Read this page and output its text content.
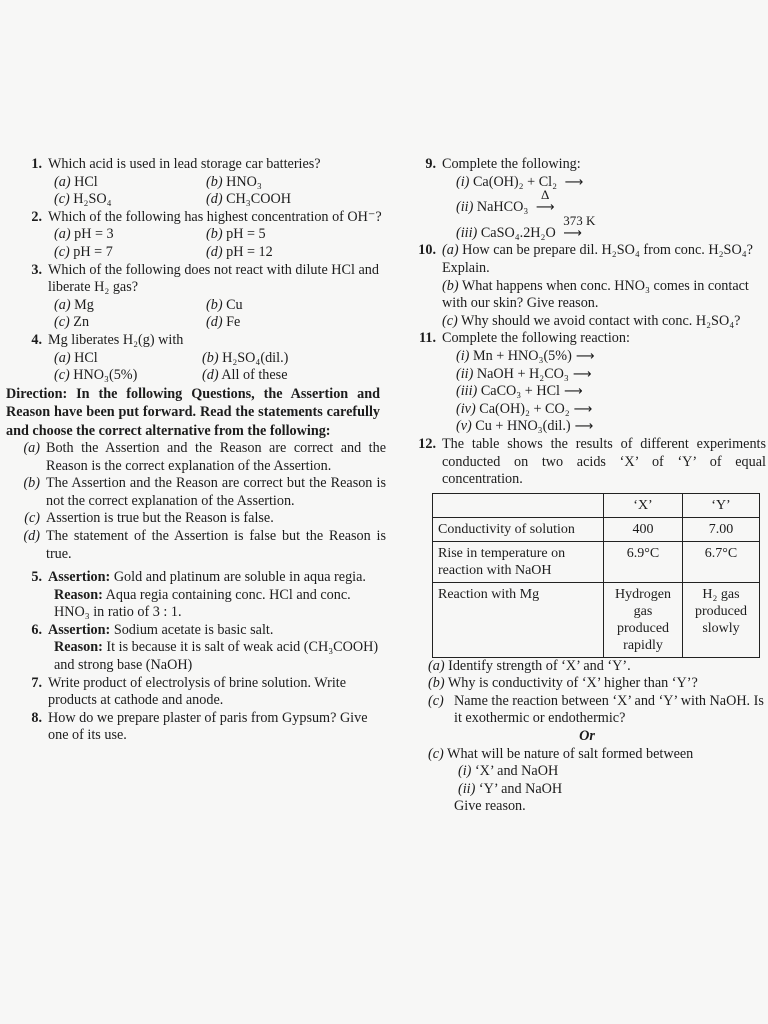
1. Which acid is used in lead storage car batteries?
(a) HCl	(b) HNO₃
(c) H₂SO₄	(d) CH₃COOH
2. Which of the following has highest concentration of OH⁻?
(a) pH = 3	(b) pH = 5
(c) pH = 7	(d) pH = 12
3. Which of the following does not react with dilute HCl and liberate H₂ gas?
(a) Mg	(b) Cu
(c) Zn	(d) Fe
4. Mg liberates H₂(g) with
(a) HCl	(b) H₂SO₄(dil.)
(c) HNO₃(5%)	(d) All of these
Direction: In the following Questions, the Assertion and Reason have been put forward. Read the statements carefully and choose the correct alternative from the following:
(a) Both the Assertion and the Reason are correct and the Reason is the correct explanation of the Assertion.
(b) The Assertion and the Reason are correct but the Reason is not the correct explanation of the Assertion.
(c) Assertion is true but the Reason is false.
(d) The statement of the Assertion is false but the Reason is true.
5. Assertion: Gold and platinum are soluble in aqua regia.
Reason: Aqua regia containing conc. HCl and conc. HNO₃ in ratio of 3 : 1.
6. Assertion: Sodium acetate is basic salt.
Reason: It is because it is salt of weak acid (CH₃COOH) and strong base (NaOH)
7. Write product of electrolysis of brine solution. Write products at cathode and anode.
8. How do we prepare plaster of paris from Gypsum? Give one of its use.
9. Complete the following:
(i) Ca(OH)₂ + Cl₂ ⟶
(ii) NaHCO₃
Δ
⟶
(iii) CaSO₄.2H₂O
373 K
⟶
10. (a) How can be prepare dil. H₂SO₄ from conc. H₂SO₄? Explain.
(b) What happens when conc. HNO₃ comes in contact with our skin? Give reason.
(c) Why should we avoid contact with conc. H₂SO₄?
11. Complete the following reaction:
(i) Mn + HNO₃(5%) ⟶
(ii) NaOH + H₂CO₃ ⟶
(iii) CaCO₃ + HCl ⟶
(iv) Ca(OH)₂ + CO₂ ⟶
(v) Cu + HNO₃(dil.) ⟶
12. The table shows the results of different experiments conducted on two acids ‘X’ of ‘Y’ of equal concentration.
	‘X’	‘Y’
Conductivity of solution	400	7.00
Rise in temperature on reaction with NaOH	6.9°C	6.7°C
Reaction with Mg	Hydrogen gas produced rapidly	H₂ gas produced slowly
(a) Identify strength of ‘X’ and ‘Y’.
(b) Why is conductivity of ‘X’ higher than ‘Y’?
(c) Name the reaction between ‘X’ and ‘Y’ with NaOH. Is it exothermic or endothermic?
Or
(c) What will be nature of salt formed between
(i) ‘X’ and NaOH
(ii) ‘Y’ and NaOH
Give reason.
